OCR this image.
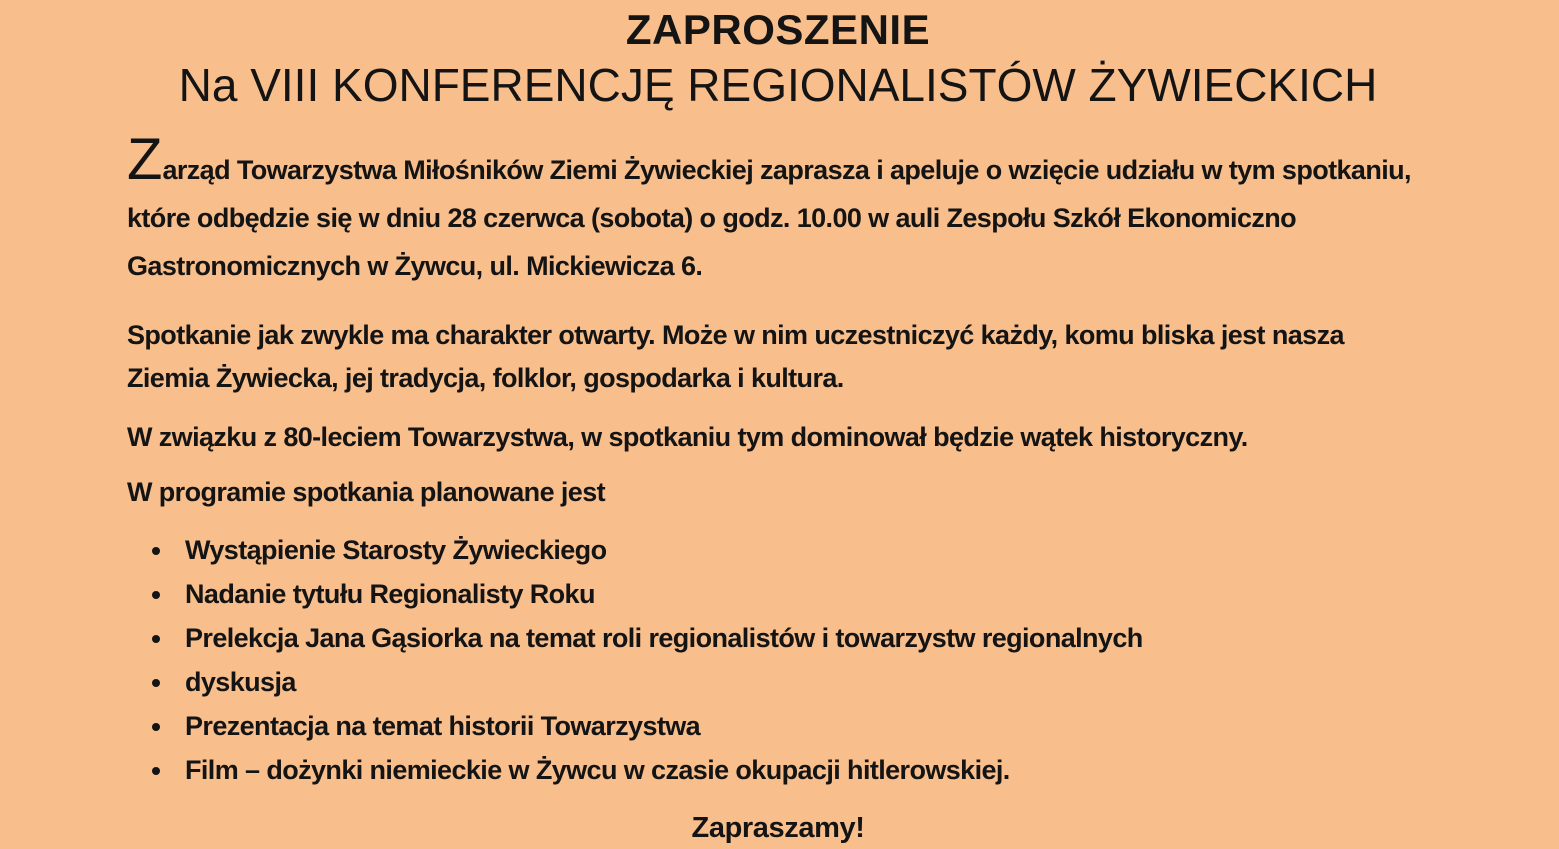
ZAPROSZENIE
Na VIII KONFERENCJĘ REGIONALISTÓW ŻYWIECKICH
Zarząd Towarzystwa Miłośników Ziemi Żywieckiej zaprasza i apeluje o wzięcie udziału w tym spotkaniu,
które odbędzie się w dniu 28 czerwca (sobota) o godz. 10.00 w auli Zespołu Szkół Ekonomiczno
Gastronomicznych w Żywcu, ul. Mickiewicza 6.
Spotkanie jak zwykle ma charakter otwarty. Może w nim uczestniczyć każdy, komu bliska jest nasza
Ziemia Żywiecka, jej tradycja, folklor, gospodarka i kultura.
W związku z 80-leciem Towarzystwa, w spotkaniu tym dominował będzie wątek historyczny.
W programie spotkania planowane jest
• Wystąpienie Starosty Żywieckiego
• Nadanie tytułu Regionalisty Roku
• Prelekcja Jana Gąsiorka na temat roli regionalistów i towarzystw regionalnych
• dyskusja
• Prezentacja na temat historii Towarzystwa
• Film – dożynki niemieckie w Żywcu w czasie okupacji hitlerowskiej.
Zapraszamy!
